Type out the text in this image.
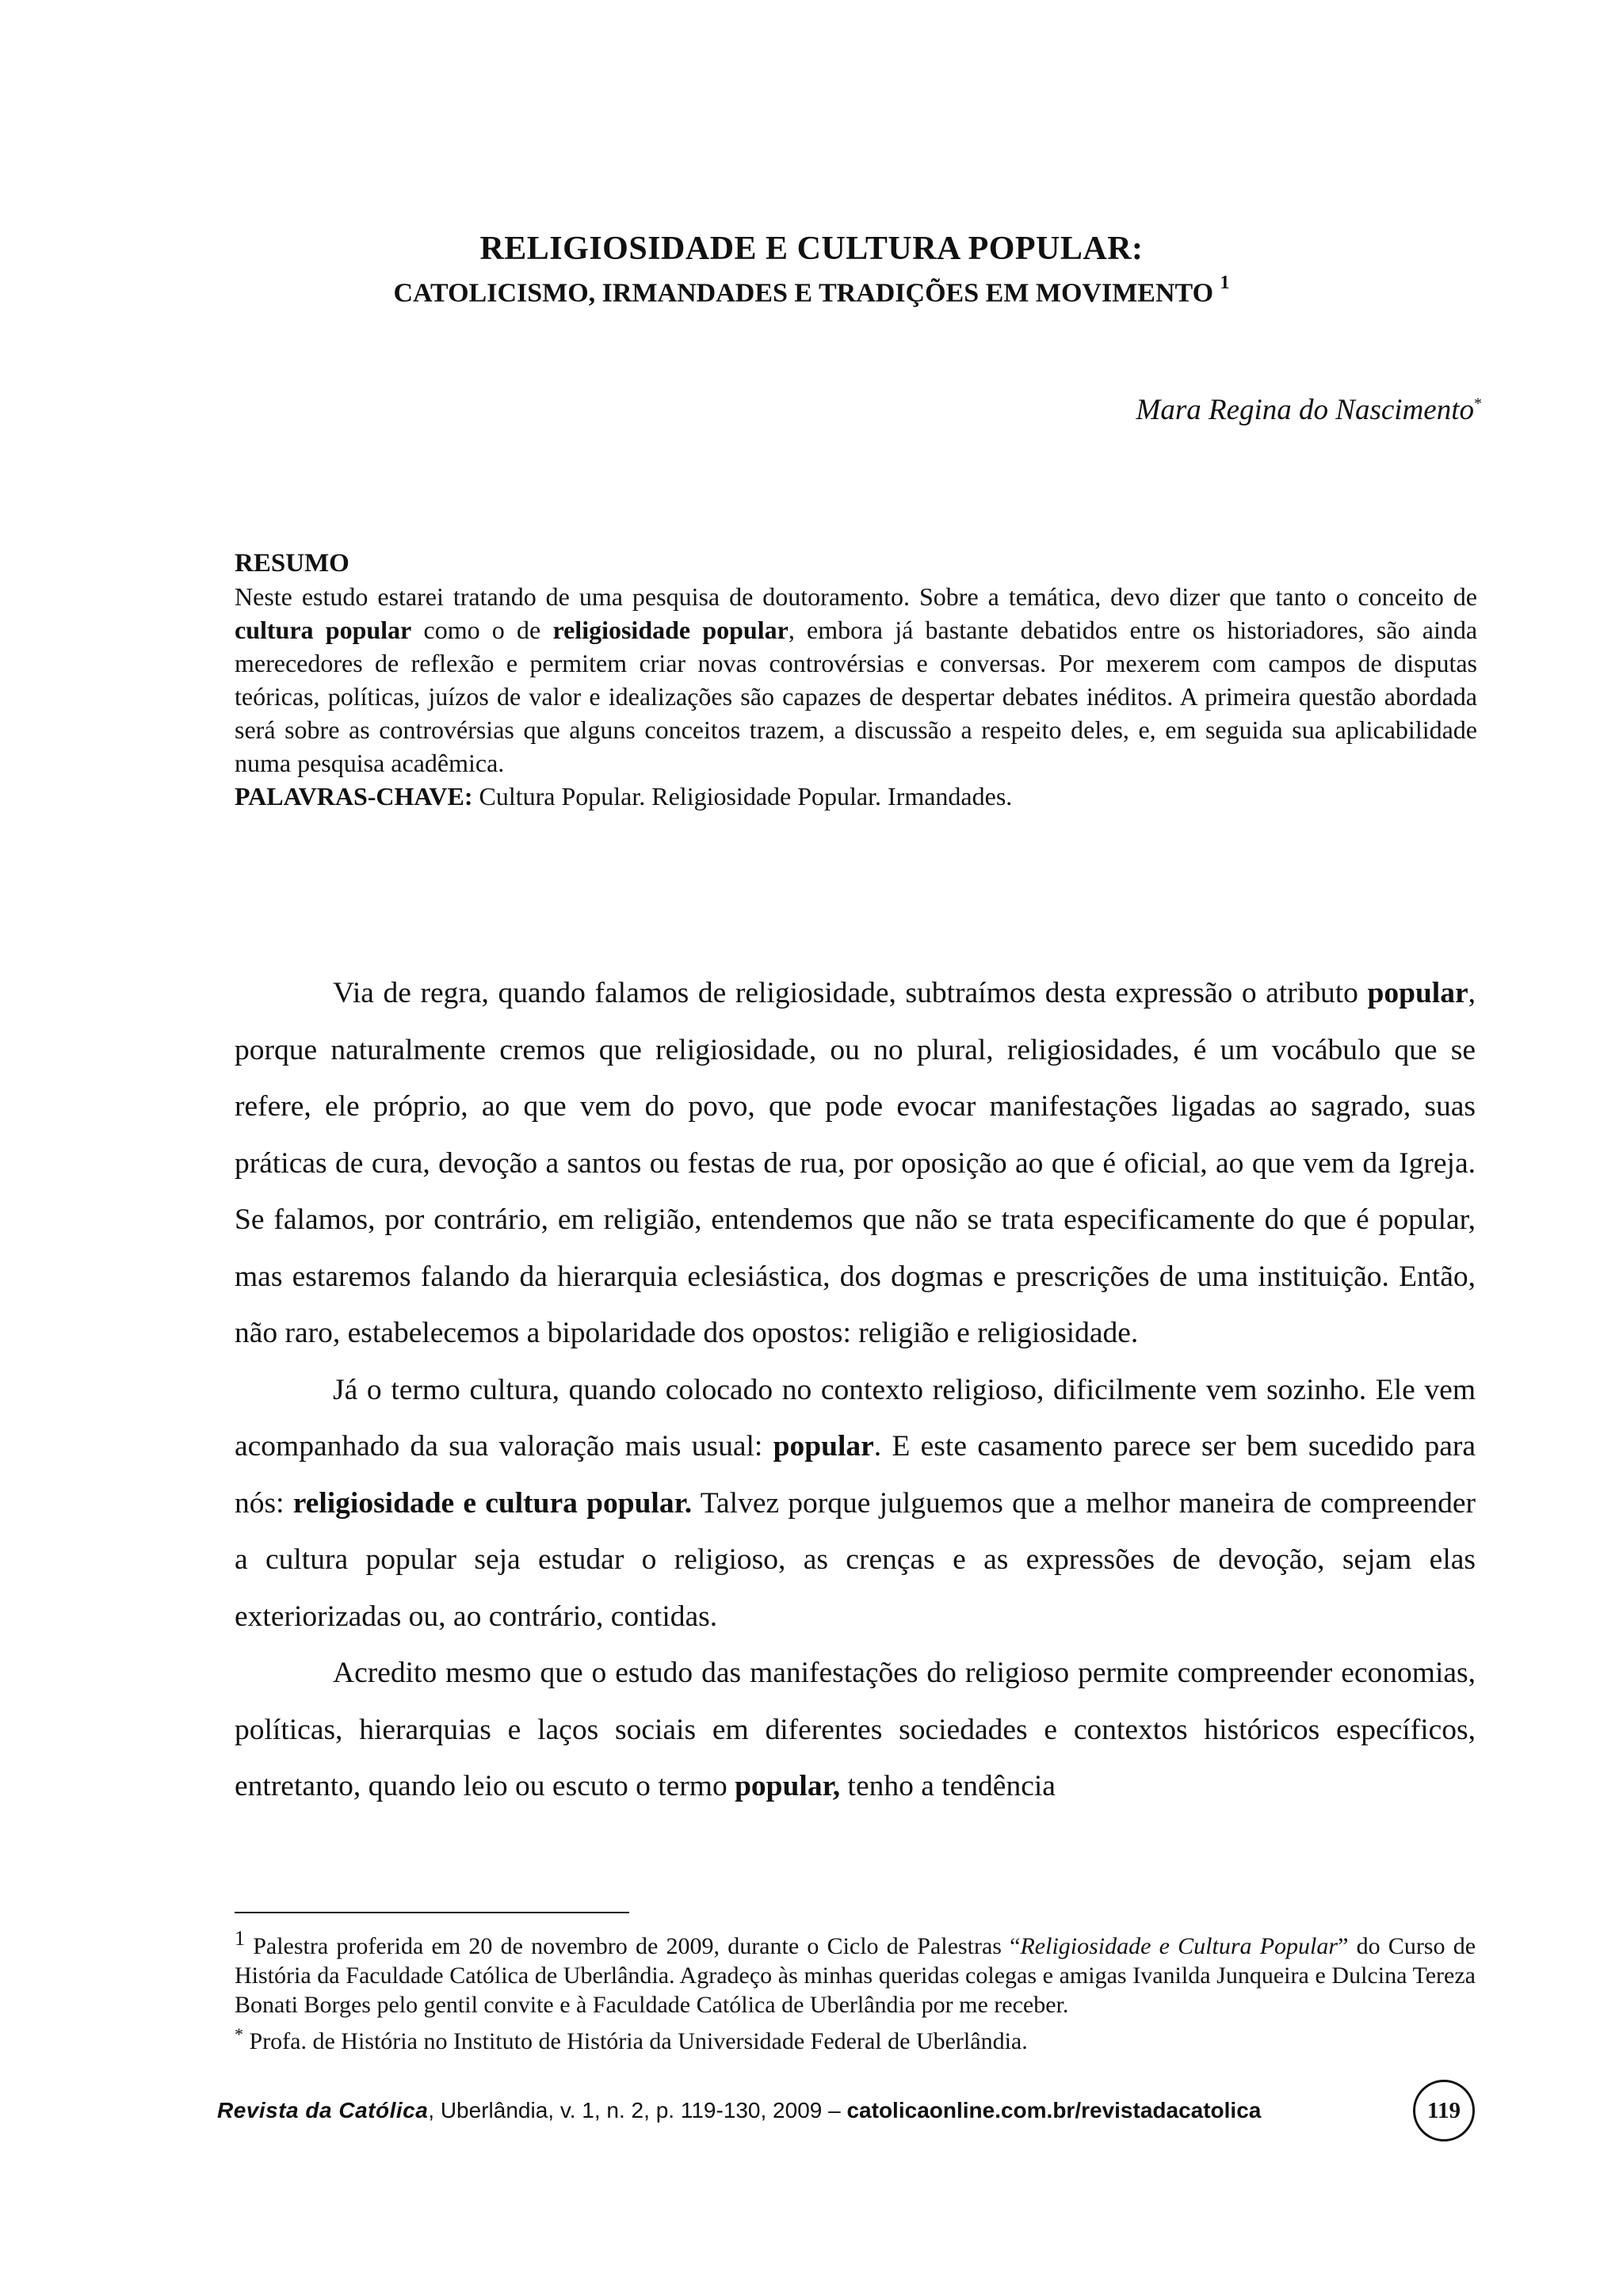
RELIGIOSIDADE E CULTURA POPULAR:
CATOLICISMO, IRMANDADES E TRADIÇÕES EM MOVIMENTO $^1$
Mara Regina do Nascimento*
RESUMO

Neste estudo estarei tratando de uma pesquisa de doutoramento. Sobre a temática, devo dizer que tanto o conceito de cultura popular como o de religiosidade popular, embora já bastante debatidos entre os historiadores, são ainda merecedores de reflexão e permitem criar novas controvérsias e conversas. Por mexerem com campos de disputas teóricas, políticas, juízos de valor e idealizações são capazes de despertar debates inéditos. A primeira questão abordada será sobre as controvérsias que alguns conceitos trazem, a discussão a respeito deles, e, em seguida sua aplicabilidade numa pesquisa acadêmica.

PALAVRAS-CHAVE: Cultura Popular. Religiosidade Popular. Irmandades.

Via de regra, quando falamos de religiosidade, subtraímos desta expressão o atributo popular, porque naturalmente cremos que religiosidade, ou no plural, religiosidades, é um vocábulo que se refere, ele próprio, ao que vem do povo, que pode evocar manifestações ligadas ao sagrado, suas práticas de cura, devoção a santos ou festas de rua, por oposição ao que é oficial, ao que vem da Igreja. Se falamos, por contrário, em religião, entendemos que não se trata especificamente do que é popular, mas estaremos falando da hierarquia eclesiástica, dos dogmas e prescrições de uma instituição. Então, não raro, estabelecemos a bipolaridade dos opostos: religião e religiosidade.

Já o termo cultura, quando colocado no contexto religioso, dificilmente vem sozinho. Ele vem acompanhado da sua valoração mais usual: popular. E este casamento parece ser bem sucedido para nós: religiosidade e cultura popular. Talvez porque julguemos que a melhor maneira de compreender a cultura popular seja estudar o religioso, as crenças e as expressões de devoção, sejam elas exteriorizadas ou, ao contrário, contidas.

Acredito mesmo que o estudo das manifestações do religioso permite compreender economias, políticas, hierarquias e laços sociais em diferentes sociedades e contextos históricos específicos, entretanto, quando leio ou escuto o termo popular, tenho a tendência

$^1$ Palestra proferida em 20 de novembro de 2009, durante o Ciclo de Palestras “Religiosidade e Cultura Popular” do Curso de História da Faculdade Católica de Uberlândia. Agradeço às minhas queridas colegas e amigas Ivanilda Junqueira e Dulcina Tereza Bonati Borges pelo gentil convite e à Faculdade Católica de Uberlândia por me receber.

* Profa. de História no Instituto de História da Universidade Federal de Uberlândia.

Revista da Católica, Uberlândia, v. 1, n. 2, p. 119-130, 2009 – catolicaonline.com.br/revistadacatolica	119
